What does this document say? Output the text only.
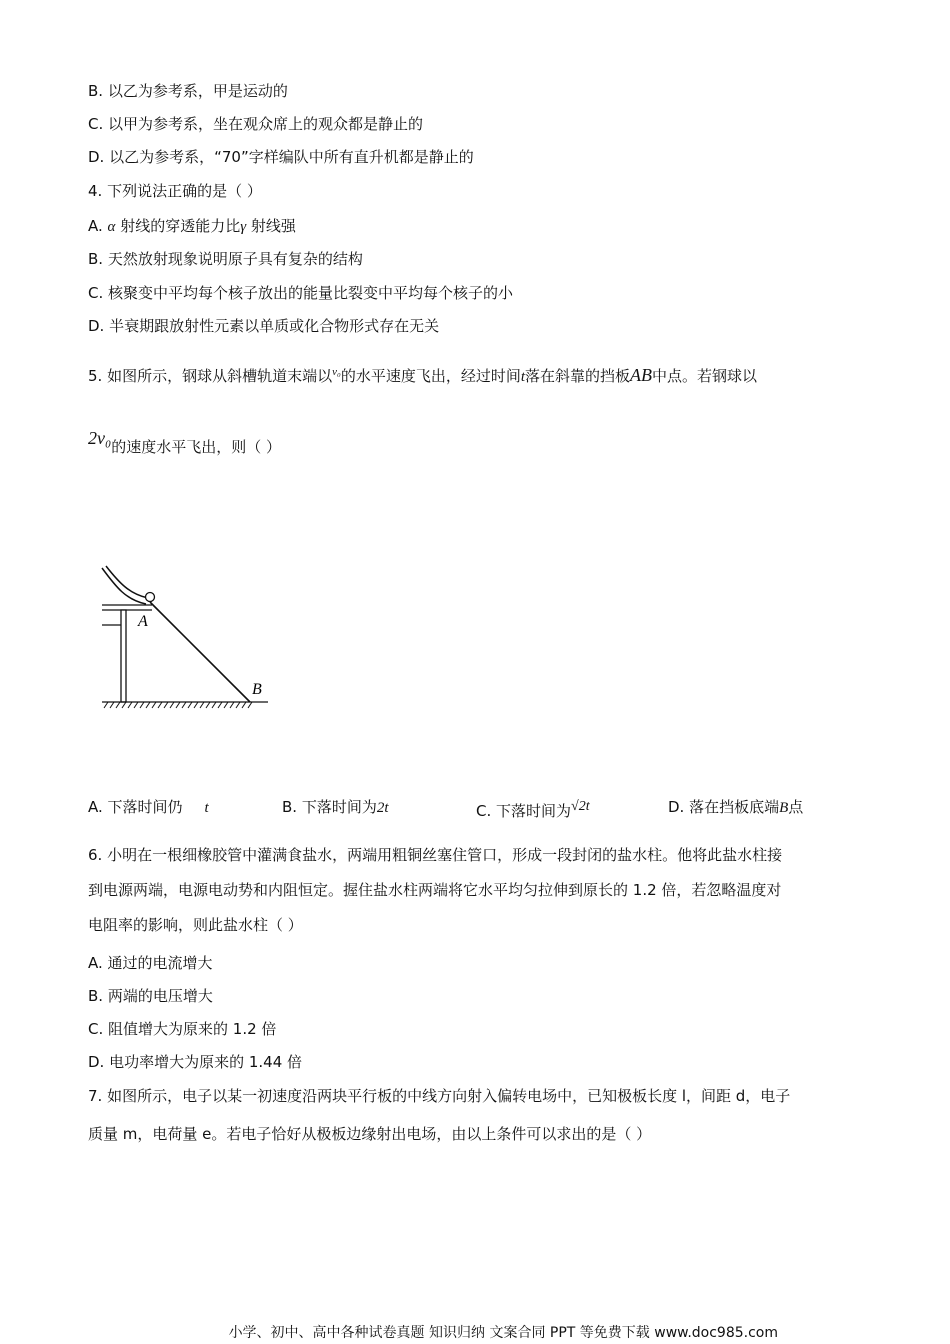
B. 以乙为参考系，甲是运动的
C. 以甲为参考系，坐在观众席上的观众都是静止的
D. 以乙为参考系，“70”字样编队中所有直升机都是静止的
4. 下列说法正确的是（ ）
A. α 射线的穿透能力比γ 射线强
B. 天然放射现象说明原子具有复杂的结构
C. 核聚变中平均每个核子放出的能量比裂变中平均每个核子的小
D. 半衰期跟放射性元素以单质或化合物形式存在无关
5. 如图所示，钢球从斜槽轨道末端以$^{v_0}$的水平速度飞出，经过时间t落在斜靠的挡板AB中点。若钢球以
2v₀的速度水平飞出，则（ ）
A
B
A. 下落时间仍 t	B. 下落时间为2t	C. 下落时间为$^{√2t}$	D. 落在挡板底端B点
6. 小明在一根细橡胶管中灌满食盐水，两端用粗铜丝塞住管口，形成一段封闭的盐水柱。他将此盐水柱接
到电源两端，电源电动势和内阻恒定。握住盐水柱两端将它水平均匀拉伸到原长的 1.2 倍，若忽略温度对
电阻率的影响，则此盐水柱（ ）
A. 通过的电流增大
B. 两端的电压增大
C. 阻值增大为原来的 1.2 倍
D. 电功率增大为原来的 1.44 倍
7. 如图所示，电子以某一初速度沿两块平行板的中线方向射入偏转电场中，已知极板长度 l，间距 d，电子
质量 m，电荷量 e。若电子恰好从极板边缘射出电场，由以上条件可以求出的是（ ）
小学、初中、高中各种试卷真题 知识归纳 文案合同 PPT 等免费下载 www.doc985.com
